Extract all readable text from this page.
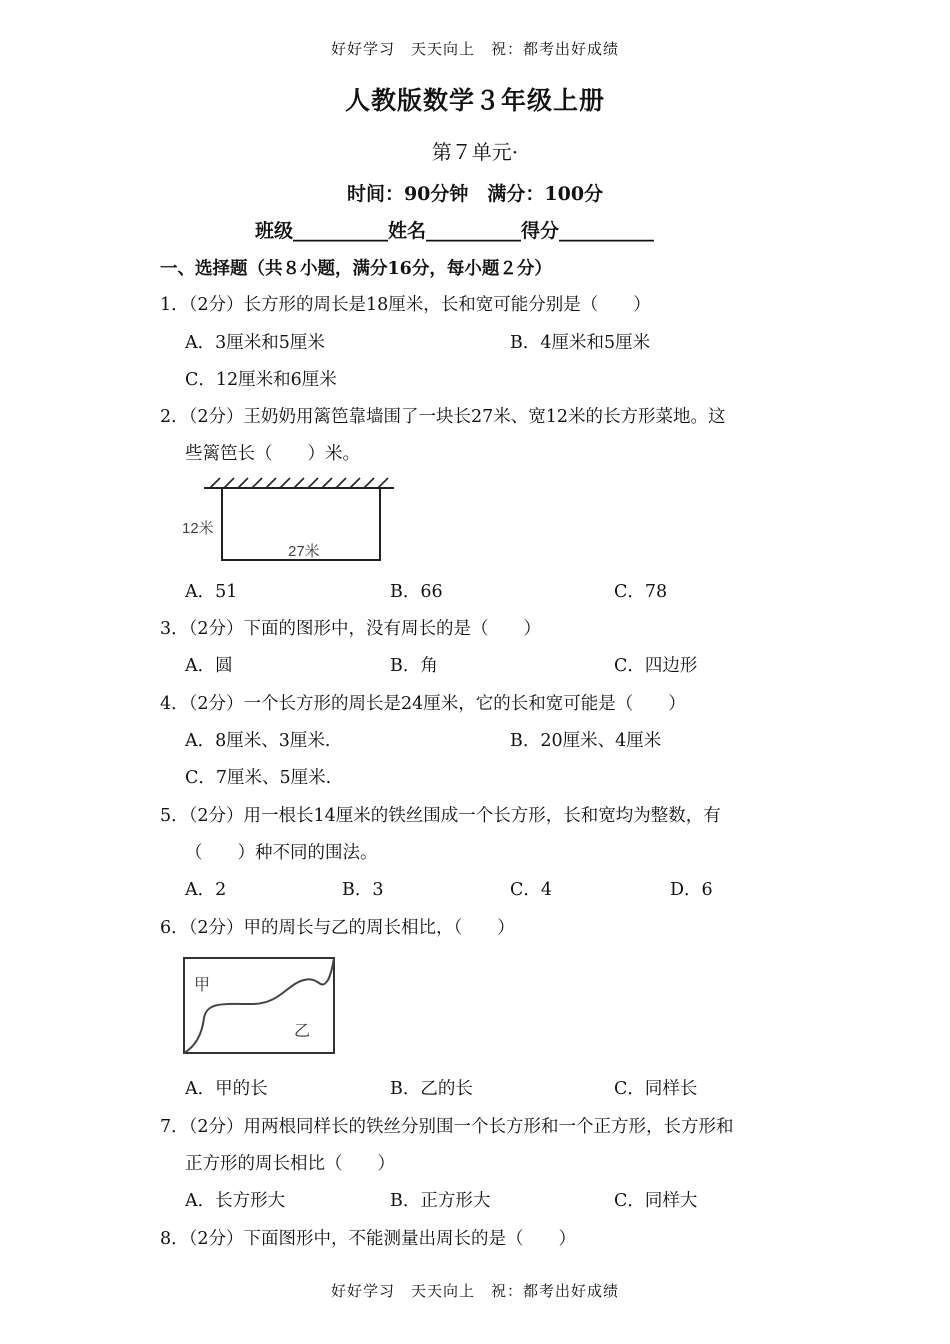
好好学习　天天向上　祝：都考出好成绩
人教版数学３年级上册
第７单元·
时间：90分钟　满分：100分
班级__________姓名__________得分__________
一、选择题（共８小题，满分16分，每小题２分）
1．（2分）长方形的周长是18厘米，长和宽可能分别是（　　）
A．3厘米和5厘米	B．4厘米和5厘米
C．12厘米和6厘米
2．（2分）王奶奶用篱笆靠墙围了一块长27米、宽12米的长方形菜地。这
些篱笆长（　　）米。
12米
27米
A．51	B．66	C．78
3．（2分）下面的图形中，没有周长的是（　　）
A．圆	B．角	C．四边形
4．（2分）一个长方形的周长是24厘米，它的长和宽可能是（　　）
A．8厘米、3厘米.	B．20厘米、4厘米
C．7厘米、5厘米.
5．（2分）用一根长14厘米的铁丝围成一个长方形，长和宽均为整数，有
（　　）种不同的围法。
A．2	B．3	C．4	D．6
6．（2分）甲的周长与乙的周长相比，（　　）
甲
乙
A．甲的长	B．乙的长	C．同样长
7．（2分）用两根同样长的铁丝分别围一个长方形和一个正方形，长方形和
正方形的周长相比（　　）
A．长方形大	B．正方形大	C．同样大
8．（2分）下面图形中，不能测量出周长的是（　　）
好好学习　天天向上　祝：都考出好成绩
